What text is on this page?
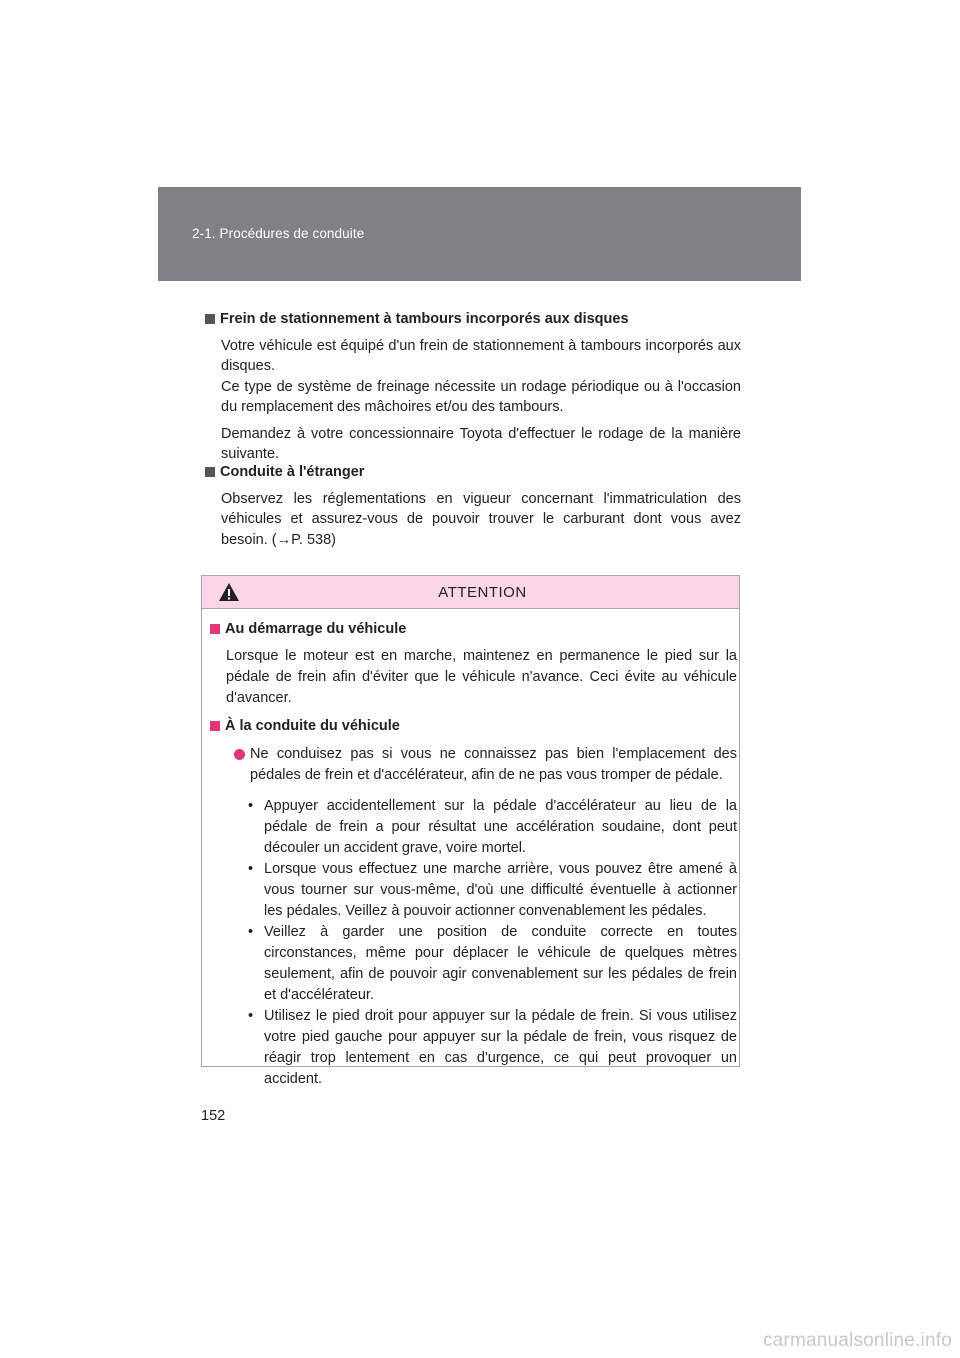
2-1. Procédures de conduite
Frein de stationnement à tambours incorporés aux disques
Votre véhicule est équipé d'un frein de stationnement à tambours incorporés aux disques.
Ce type de système de freinage nécessite un rodage périodique ou à l'occasion du remplacement des mâchoires et/ou des tambours.
Demandez à votre concessionnaire Toyota d'effectuer le rodage de la manière suivante.
Conduite à l'étranger
Observez les réglementations en vigueur concernant l'immatriculation des véhicules et assurez-vous de pouvoir trouver le carburant dont vous avez besoin. (→P. 538)
ATTENTION
Au démarrage du véhicule
Lorsque le moteur est en marche, maintenez en permanence le pied sur la pédale de frein afin d'éviter que le véhicule n'avance. Ceci évite au véhicule d'avancer.
À la conduite du véhicule
Ne conduisez pas si vous ne connaissez pas bien l'emplacement des pédales de frein et d'accélérateur, afin de ne pas vous tromper de pédale.
• Appuyer accidentellement sur la pédale d'accélérateur au lieu de la pédale de frein a pour résultat une accélération soudaine, dont peut découler un accident grave, voire mortel.
• Lorsque vous effectuez une marche arrière, vous pouvez être amené à vous tourner sur vous-même, d'où une difficulté éventuelle à actionner les pédales. Veillez à pouvoir actionner convenablement les pédales.
• Veillez à garder une position de conduite correcte en toutes circonstances, même pour déplacer le véhicule de quelques mètres seulement, afin de pouvoir agir convenablement sur les pédales de frein et d'accélérateur.
• Utilisez le pied droit pour appuyer sur la pédale de frein. Si vous utilisez votre pied gauche pour appuyer sur la pédale de frein, vous risquez de réagir trop lentement en cas d'urgence, ce qui peut provoquer un accident.
152
carmanualsonline.info
